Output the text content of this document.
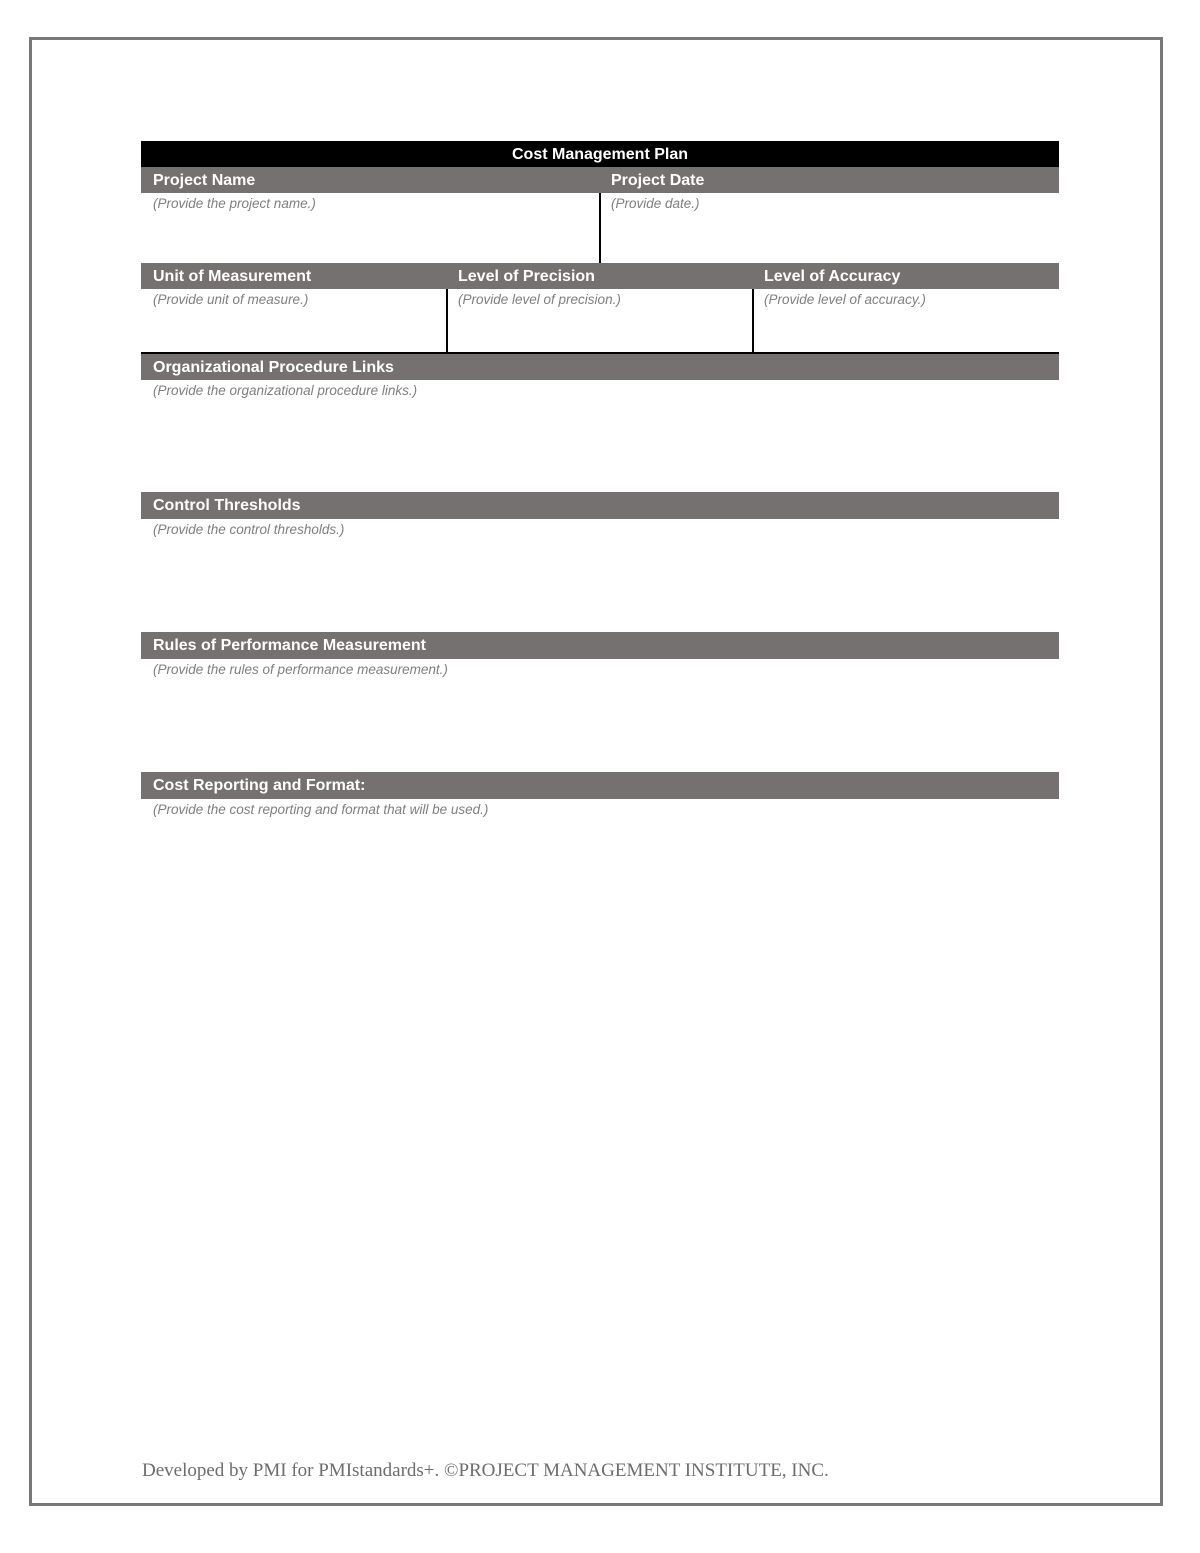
Cost Management Plan
Project Name	Project Date
(Provide the project name.)	(Provide date.)
Unit of Measurement	Level of Precision	Level of Accuracy
(Provide unit of measure.)	(Provide level of precision.)	(Provide level of accuracy.)
Organizational Procedure Links
(Provide the organizational procedure links.)
Control Thresholds
(Provide the control thresholds.)
Rules of Performance Measurement
(Provide the rules of performance measurement.)
Cost Reporting and Format:
(Provide the cost reporting and format that will be used.)
Developed by PMI for PMIstandards+. ©PROJECT MANAGEMENT INSTITUTE, INC.
